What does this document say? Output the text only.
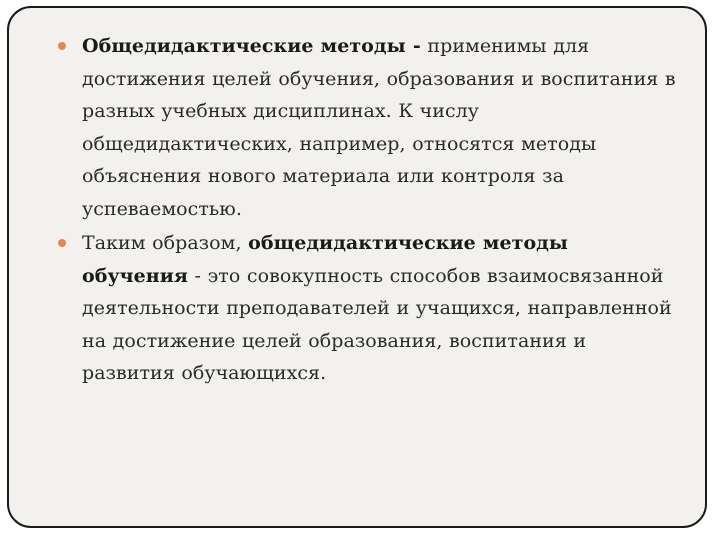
Общедидактические методы - применимы для достижения целей обучения, образования и воспитания в разных учебных дисциплинах. К числу общедидактических, например, относятся методы объяснения нового материала или контроля за успеваемостью.
Таким образом, общедидактические методы обучения - это совокупность способов взаимосвязанной деятельности преподавателей и учащихся, направленной на достижение целей образования, воспитания и развития обучающихся.
